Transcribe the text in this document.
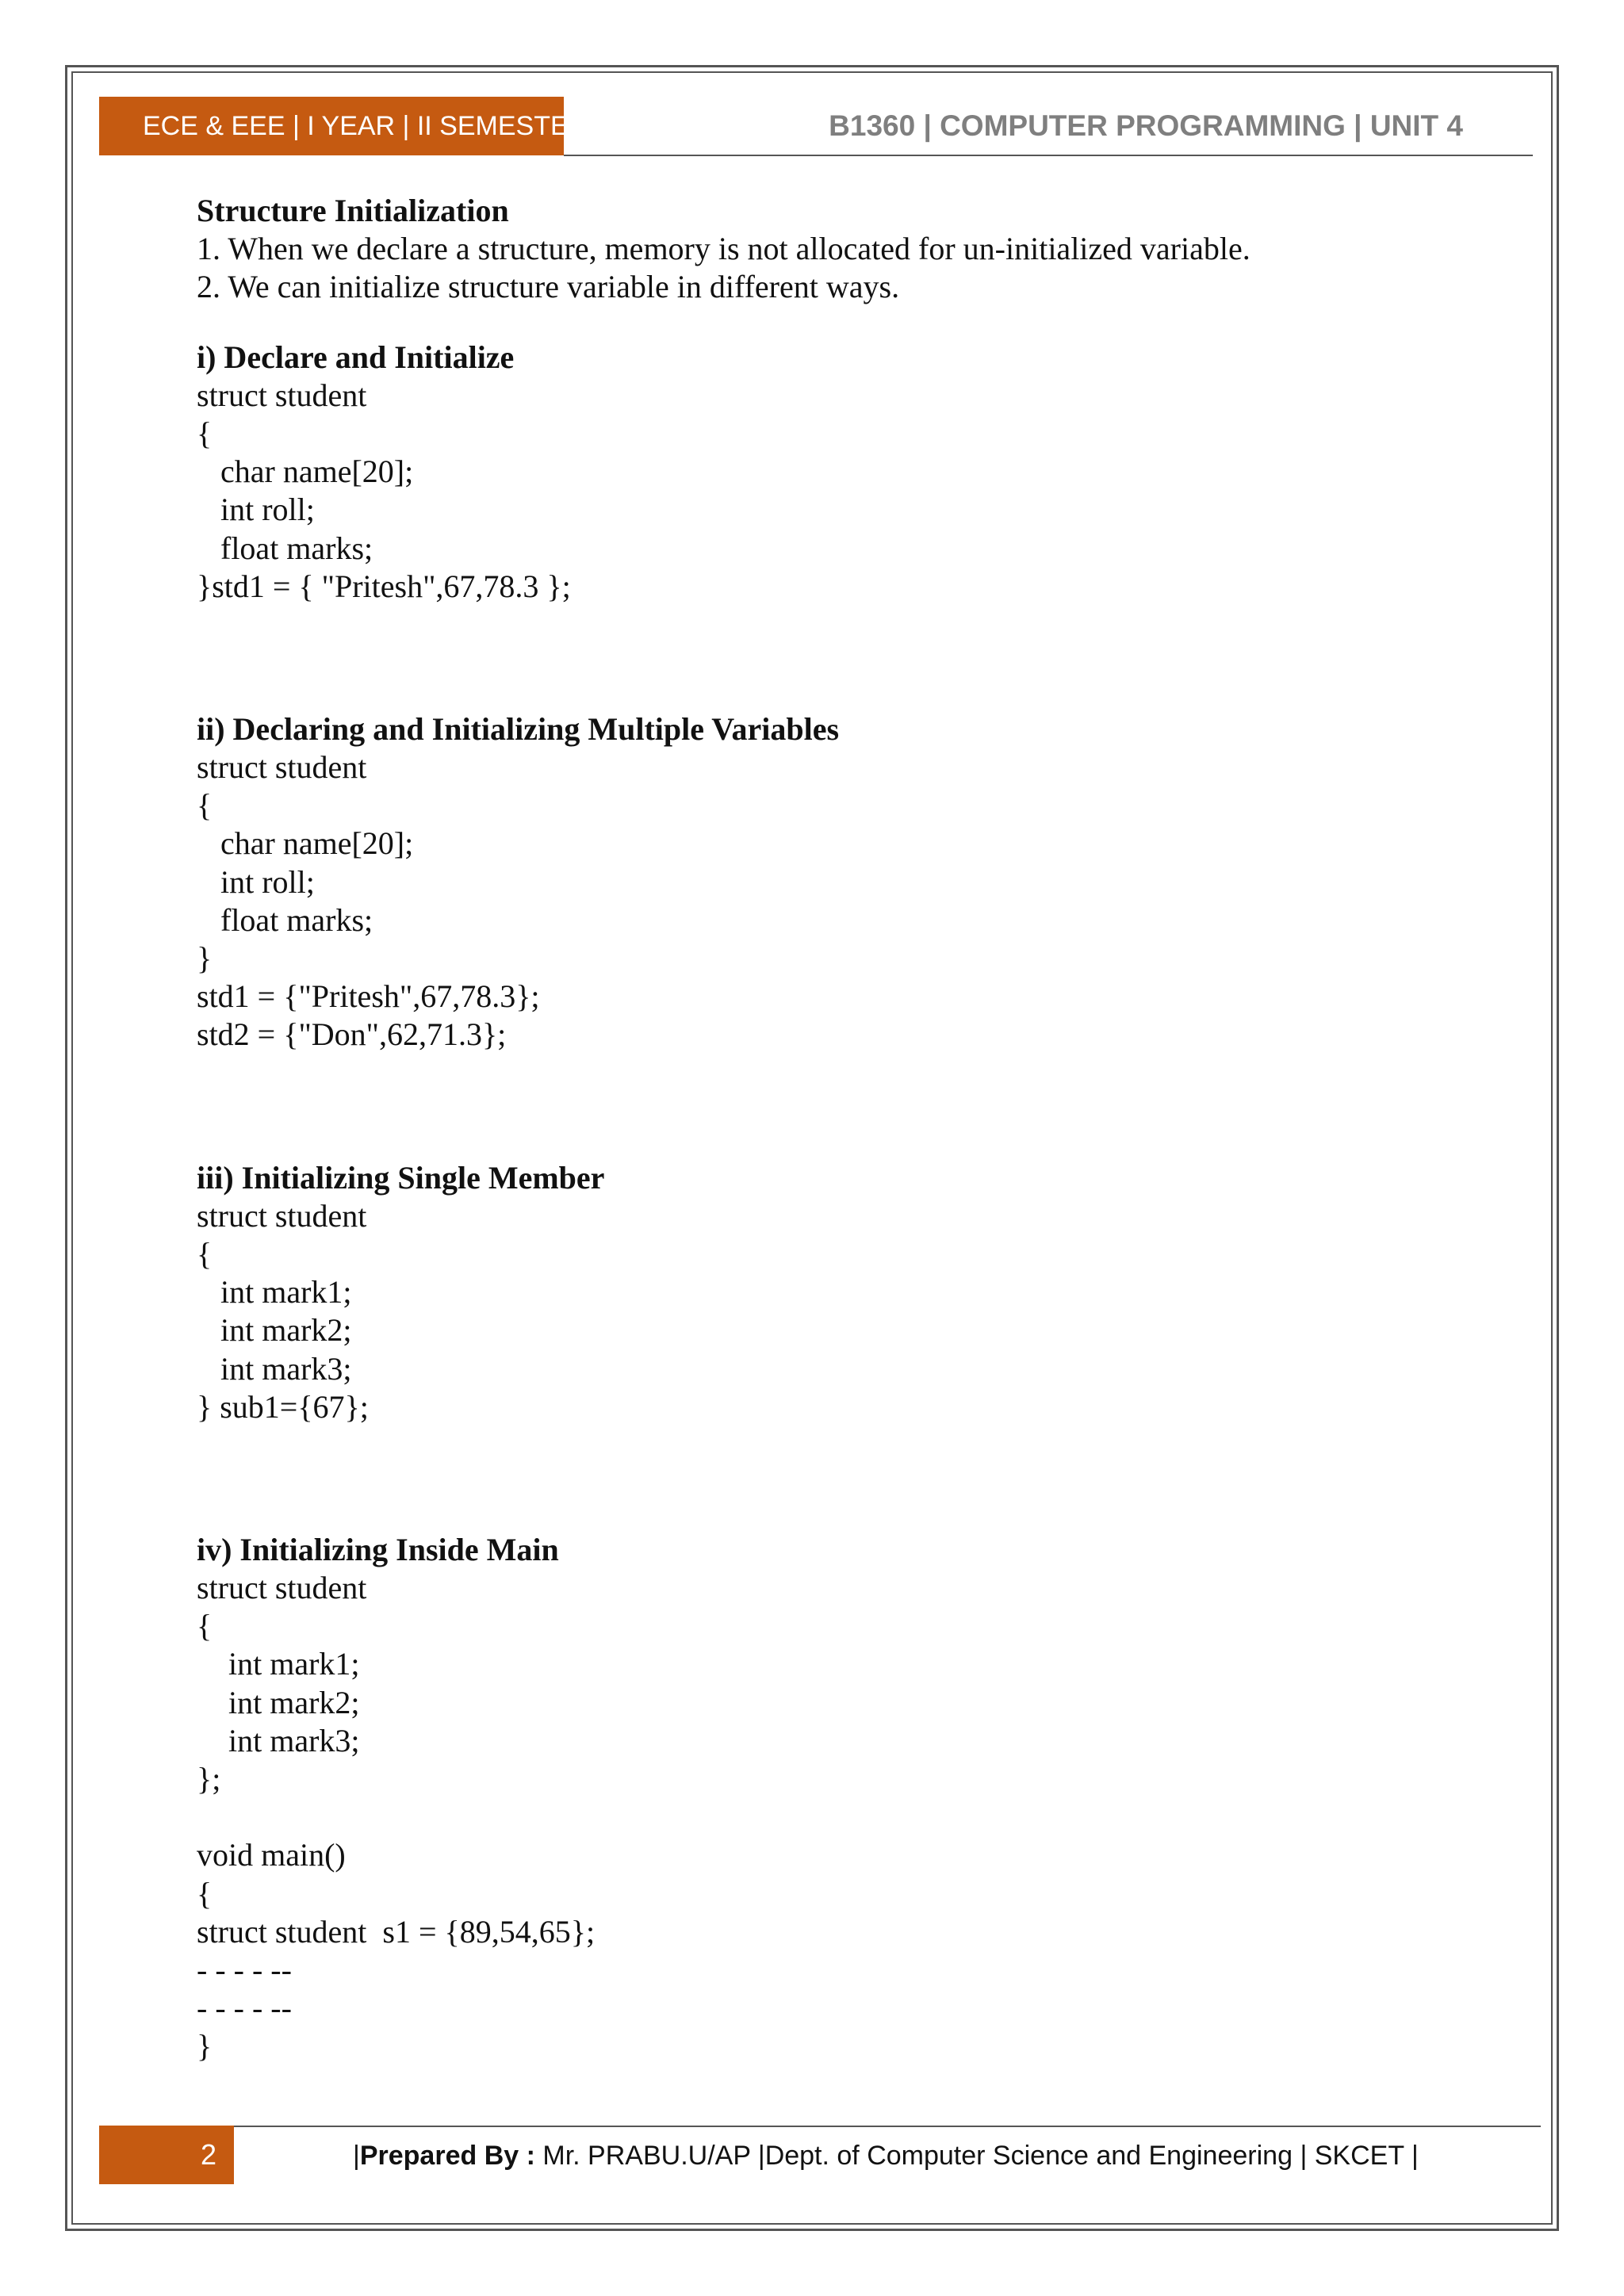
ECE & EEE | I YEAR | II SEMESTER	B1360 | COMPUTER PROGRAMMING | UNIT 4
Structure Initialization
1. When we declare a structure, memory is not allocated for un-initialized variable.
2. We can initialize structure variable in different ways.
i) Declare and Initialize
struct student
{
char name[20];
int roll;
float marks;
}std1 = { "Pritesh",67,78.3 };
ii) Declaring and Initializing Multiple Variables
struct student
{
char name[20];
int roll;
float marks;
}
std1 = {"Pritesh",67,78.3};
std2 = {"Don",62,71.3};
iii) Initializing Single Member
struct student
{
int mark1;
int mark2;
int mark3;
} sub1={67};
iv) Initializing Inside Main
struct student
{
int mark1;
int mark2;
int mark3;
};
void main()
{
struct student  s1 = {89,54,65};
- - - - --
- - - - --
}
2	|Prepared By : Mr. PRABU.U/AP |Dept. of Computer Science and Engineering | SKCET |
